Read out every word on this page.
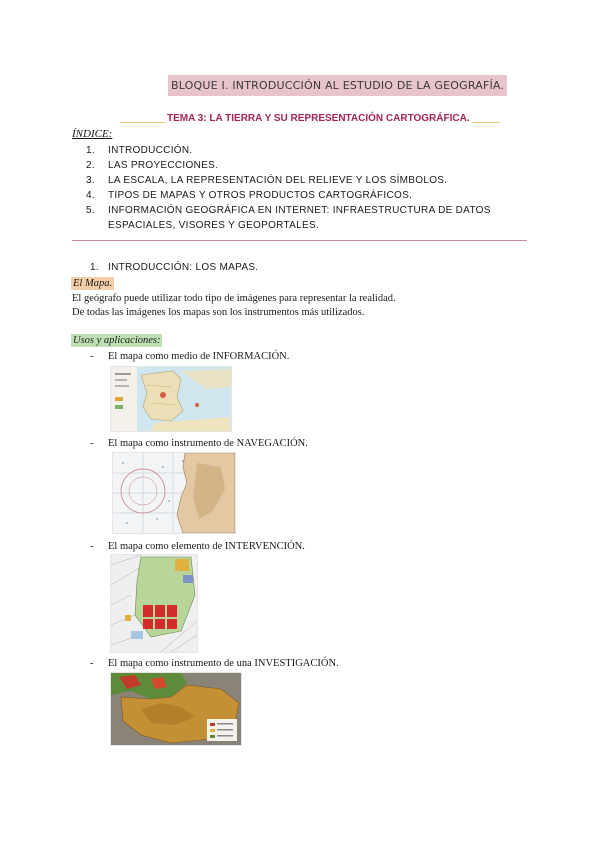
BLOQUE I. INTRODUCCIÓN AL ESTUDIO DE LA GEOGRAFÍA.
TEMA 3: LA TIERRA Y SU REPRESENTACIÓN CARTOGRÁFICA.
ÍNDICE:
1. INTRODUCCIÓN.
2. LAS PROYECCIONES.
3. LA ESCALA, LA REPRESENTACIÓN DEL RELIEVE Y LOS SÍMBOLOS.
4. TIPOS DE MAPAS Y OTROS PRODUCTOS CARTOGRÁFICOS.
5. INFORMACIÓN GEOGRÁFICA EN INTERNET: INFRAESTRUCTURA DE DATOS ESPACIALES, VISORES Y GEOPORTALES.
1. INTRODUCCIÓN: LOS MAPAS.
El Mapa.
El geógrafo puede utilizar todo tipo de imágenes para representar la realidad.
De todas las imágenes los mapas son los instrumentos más utilizados.
Usos y aplicaciones:
- El mapa como medio de INFORMACIÓN.
- El mapa como instrumento de NAVEGACIÓN.
- El mapa como elemento de INTERVENCIÓN.
- El mapa como instrumento de una INVESTIGACIÓN.
